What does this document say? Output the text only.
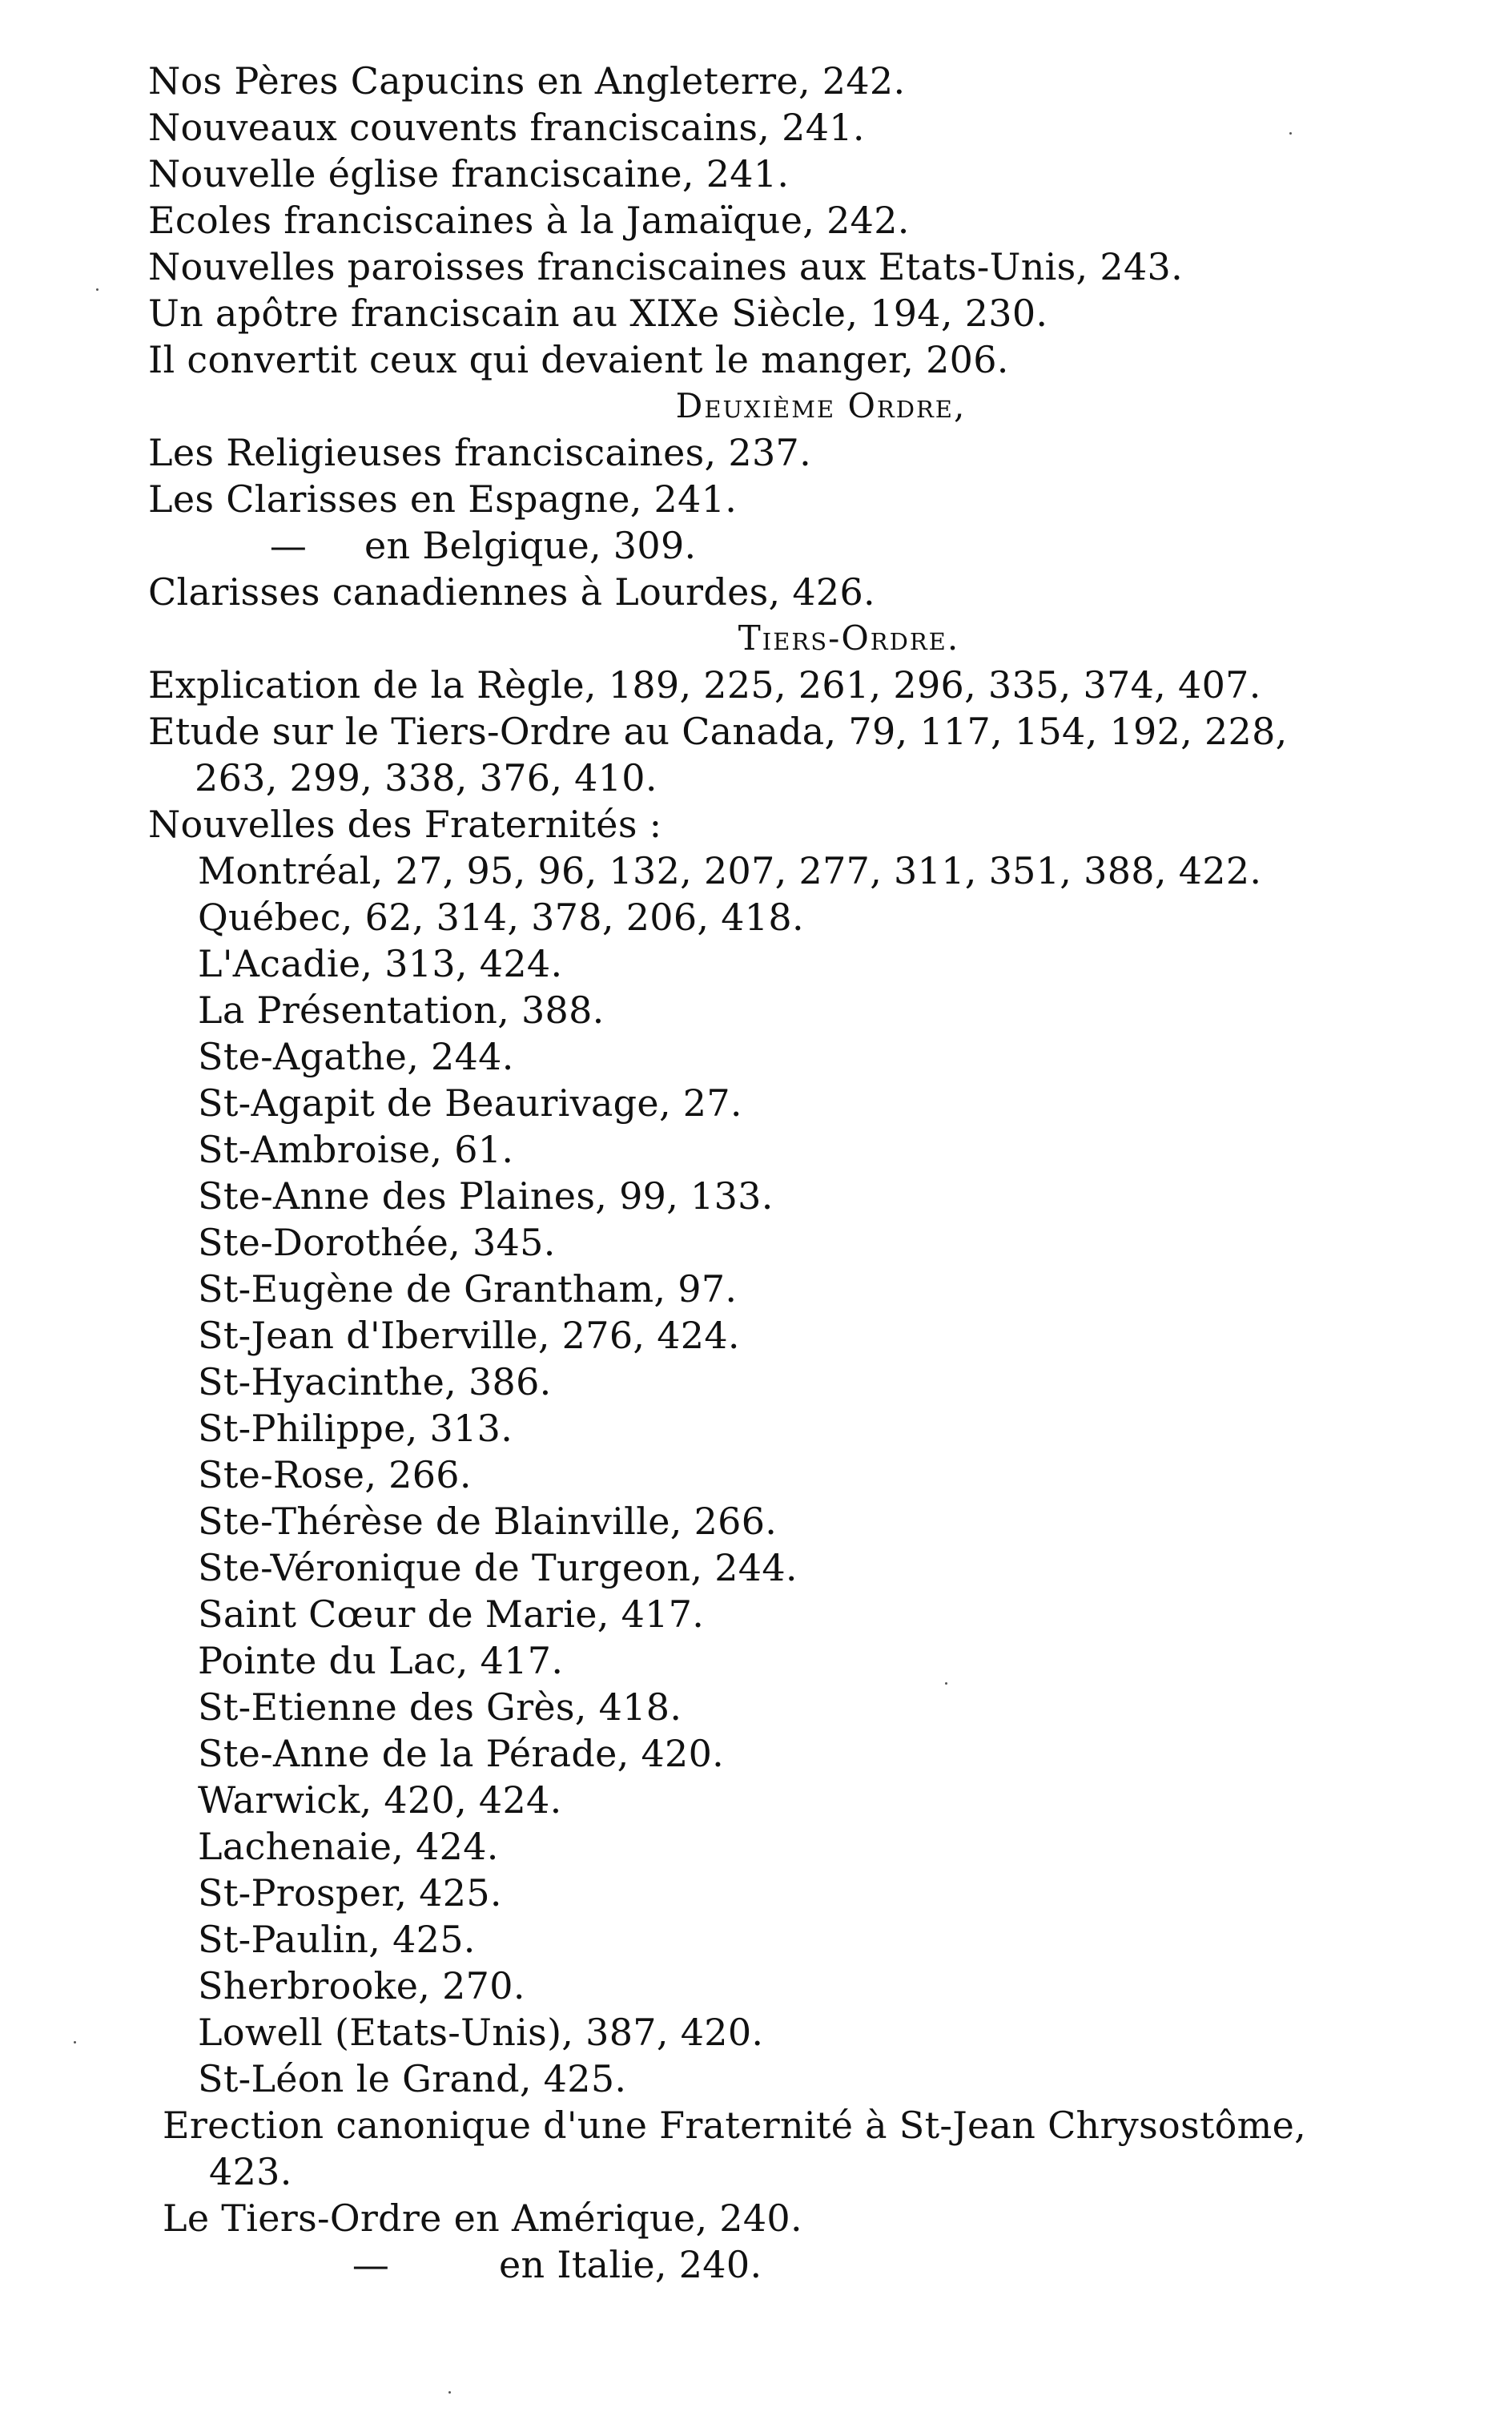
Nos Pères Capucins en Angleterre, 242.
Nouveaux couvents franciscains, 241.
Nouvelle église franciscaine, 241.
Ecoles franciscaines à la Jamaïque, 242.
Nouvelles paroisses franciscaines aux Etats-Unis, 243.
Un apôtre franciscain au XIXe Siècle, 194, 230.
Il convertit ceux qui devaient le manger, 206.
Deuxième Ordre,
Les Religieuses franciscaines, 237.
Les Clarisses en Espagne, 241.
— en Belgique, 309.
Clarisses canadiennes à Lourdes, 426.
Tiers-Ordre.
Explication de la Règle, 189, 225, 261, 296, 335, 374, 407.
Etude sur le Tiers-Ordre au Canada, 79, 117, 154, 192, 228, 263, 299, 338, 376, 410.
Nouvelles des Fraternités :
Montréal, 27, 95, 96, 132, 207, 277, 311, 351, 388, 422.
Québec, 62, 314, 378, 206, 418.
L'Acadie, 313, 424.
La Présentation, 388.
Ste-Agathe, 244.
St-Agapit de Beaurivage, 27.
St-Ambroise, 61.
Ste-Anne des Plaines, 99, 133.
Ste-Dorothée, 345.
St-Eugène de Grantham, 97.
St-Jean d'Iberville, 276, 424.
St-Hyacinthe, 386.
St-Philippe, 313.
Ste-Rose, 266.
Ste-Thérèse de Blainville, 266.
Ste-Véronique de Turgeon, 244.
Saint Cœur de Marie, 417.
Pointe du Lac, 417.
St-Etienne des Grès, 418.
Ste-Anne de la Pérade, 420.
Warwick, 420, 424.
Lachenaie, 424.
St-Prosper, 425.
St-Paulin, 425.
Sherbrooke, 270.
Lowell (Etats-Unis), 387, 420.
St-Léon le Grand, 425.
Erection canonique d'une Fraternité à St-Jean Chrysostôme, 423.
Le Tiers-Ordre en Amérique, 240.
—	en Italie, 240.
